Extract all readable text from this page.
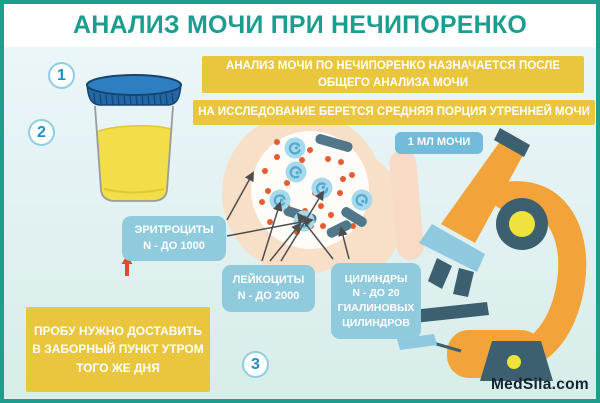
АНАЛИЗ МОЧИ ПРИ НЕЧИПОРЕНКО
1
2
3
АНАЛИЗ МОЧИ ПО НЕЧИПОРЕНКО НАЗНАЧАЕТСЯ ПОСЛЕ
ОБЩЕГО АНАЛИЗА МОЧИ
НА ИССЛЕДОВАНИЕ БЕРЕТСЯ СРЕДНЯЯ ПОРЦИЯ УТРЕННЕЙ МОЧИ
ПРОБУ НУЖНО ДОСТАВИТЬ
В ЗАБОРНЫЙ ПУНКТ УТРОМ
ТОГО ЖЕ ДНЯ
1 МЛ МОЧИ
ЭРИТРОЦИТЫ
N - ДО 1000
ЛЕЙКОЦИТЫ
N - ДО 2000
ЦИЛИНДРЫ
N - ДО 20
ГИАЛИНОВЫХ
ЦИЛИНДРОВ
MedSila.com
